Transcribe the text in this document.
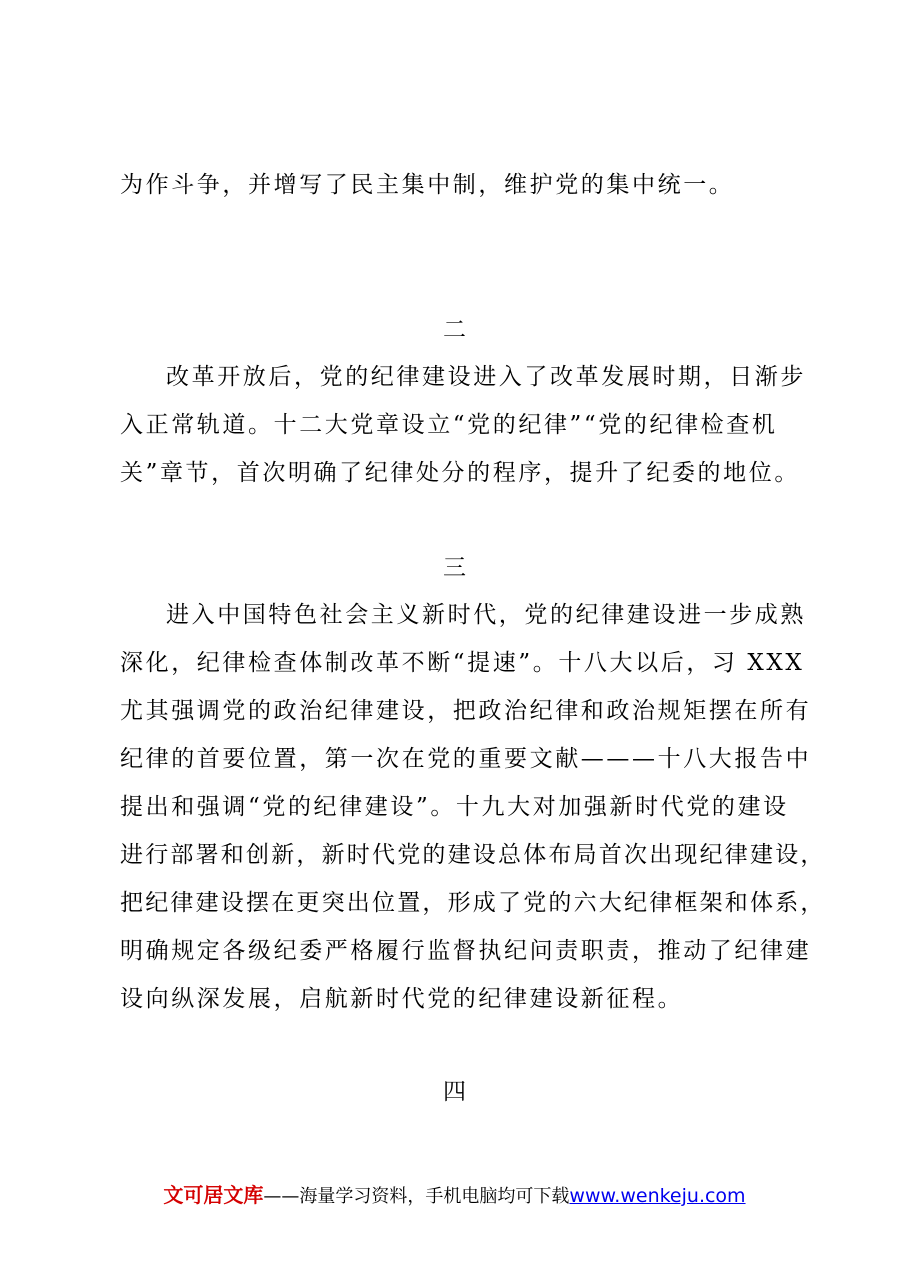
为作斗争，并增写了民主集中制，维护党的集中统一。
二
改革开放后，党的纪律建设进入了改革发展时期，日渐步
入正常轨道。十二大党章设立“党的纪律”“党的纪律检查机
关”章节，首次明确了纪律处分的程序，提升了纪委的地位。
三
进入中国特色社会主义新时代，党的纪律建设进一步成熟
深化，纪律检查体制改革不断“提速”。十八大以后，习 XXX
尤其强调党的政治纪律建设，把政治纪律和政治规矩摆在所有
纪律的首要位置，第一次在党的重要文献———十八大报告中
提出和强调“党的纪律建设”。十九大对加强新时代党的建设
进行部署和创新，新时代党的建设总体布局首次出现纪律建设，
把纪律建设摆在更突出位置，形成了党的六大纪律框架和体系，
明确规定各级纪委严格履行监督执纪问责职责，推动了纪律建
设向纵深发展，启航新时代党的纪律建设新征程。
四
文可居文库——海量学习资料，手机电脑均可下载www.wenkeju.com
